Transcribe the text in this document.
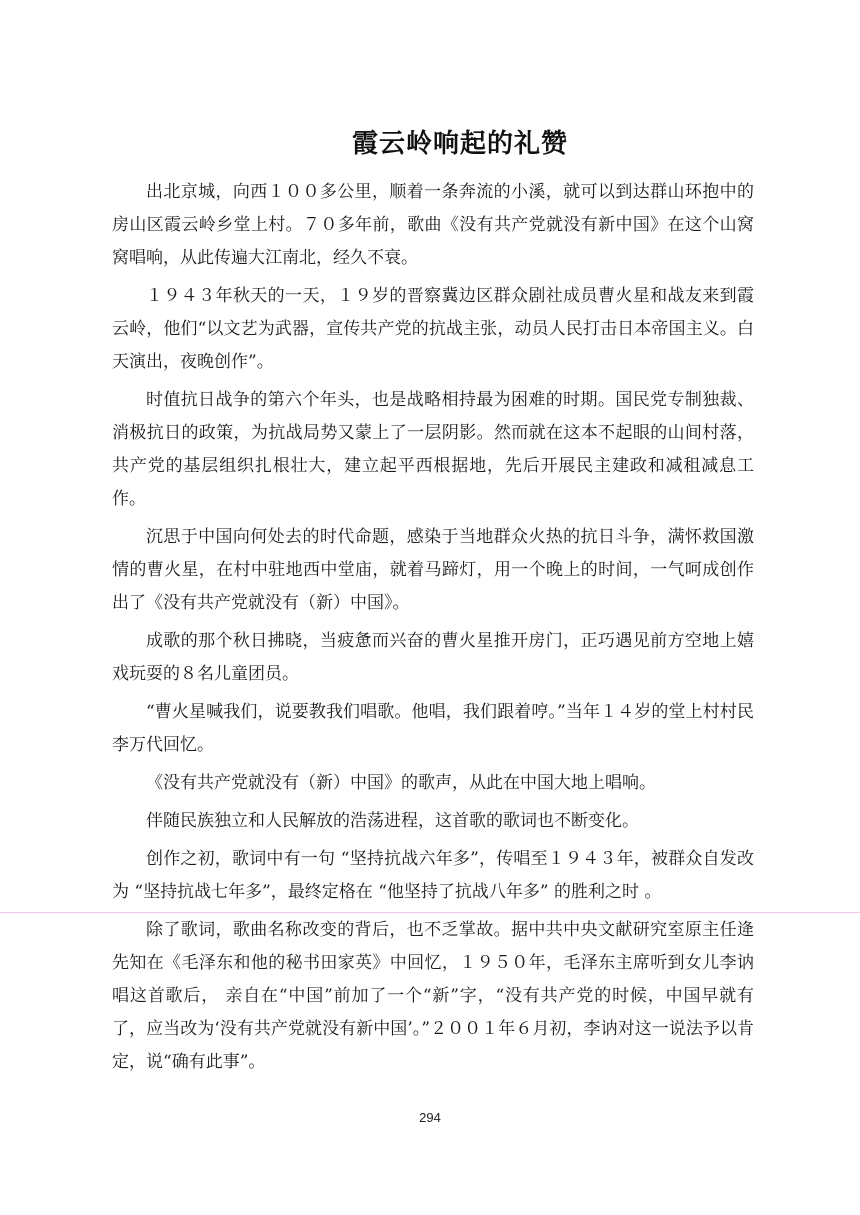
霞云岭响起的礼赞

出北京城，向西１００多公里，顺着一条奔流的小溪，就可以到达群山环抱中的房山区霞云岭乡堂上村。７０多年前，歌曲《没有共产党就没有新中国》在这个山窝窝唱响，从此传遍大江南北，经久不衰。

１９４３年秋天的一天，１９岁的晋察冀边区群众剧社成员曹火星和战友来到霞云岭，他们“以文艺为武器，宣传共产党的抗战主张，动员人民打击日本帝国主义。白天演出，夜晚创作”。

时值抗日战争的第六个年头，也是战略相持最为困难的时期。国民党专制独裁、消极抗日的政策，为抗战局势又蒙上了一层阴影。然而就在这本不起眼的山间村落，共产党的基层组织扎根壮大，建立起平西根据地，先后开展民主建政和减租减息工作。

沉思于中国向何处去的时代命题，感染于当地群众火热的抗日斗争，满怀救国激情的曹火星，在村中驻地西中堂庙，就着马蹄灯，用一个晚上的时间，一气呵成创作出了《没有共产党就没有（新）中国》。

成歌的那个秋日拂晓，当疲惫而兴奋的曹火星推开房门，正巧遇见前方空地上嬉戏玩耍的８名儿童团员。

“曹火星喊我们，说要教我们唱歌。他唱，我们跟着哼。”当年１４岁的堂上村村民李万代回忆。

《没有共产党就没有（新）中国》的歌声，从此在中国大地上唱响。

伴随民族独立和人民解放的浩荡进程，这首歌的歌词也不断变化。

创作之初，歌词中有一句 “坚持抗战六年多”，传唱至１９４３年，被群众自发改为 “坚持抗战七年多”，最终定格在 “他坚持了抗战八年多” 的胜利之时 。

除了歌词，歌曲名称改变的背后，也不乏掌故。据中共中央文献研究室原主任逄先知在《毛泽东和他的秘书田家英》中回忆，１９５０年，毛泽东主席听到女儿李讷唱这首歌后， 亲自在“中国”前加了一个“新”字，“没有共产党的时候，中国早就有了，应当改为‘没有共产党就没有新中国’。”２００１年６月初，李讷对这一说法予以肯定，说“确有此事”。

294
